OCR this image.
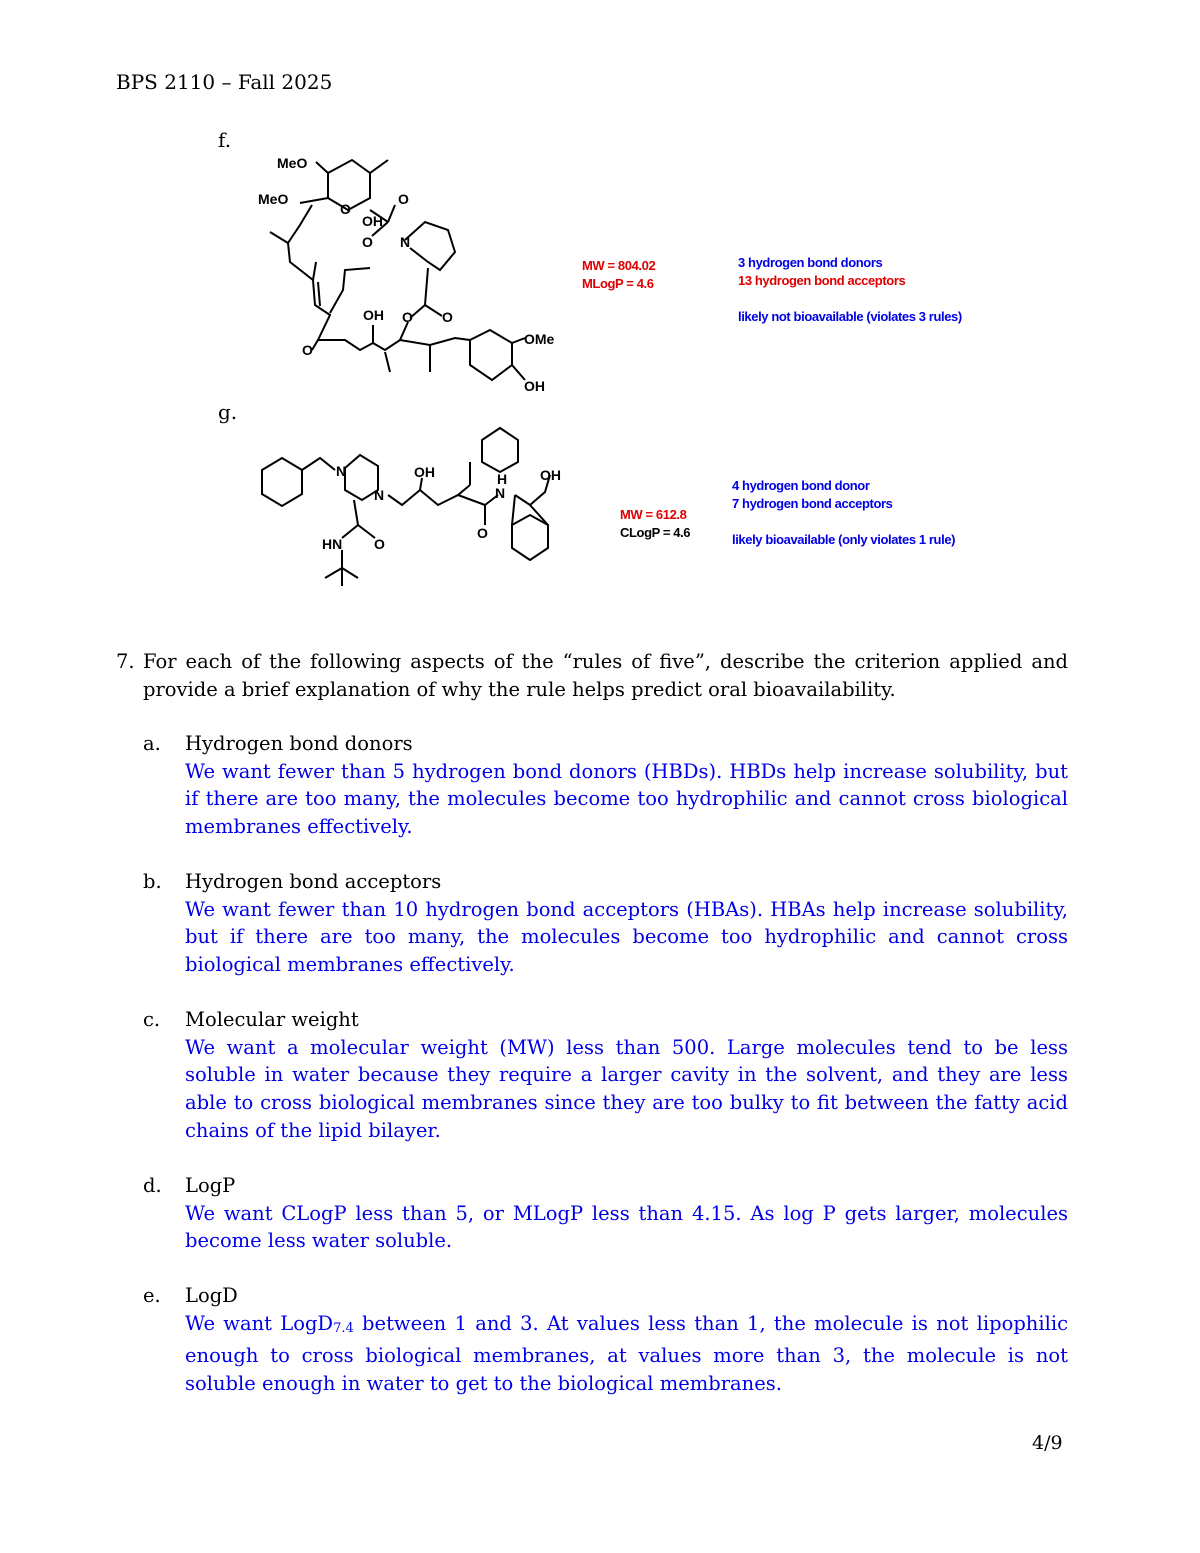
BPS 2110 – Fall 2025
f.
MeO
MeO
O
OH
O
O N
OH O O
O
OMe
OH
N
N
OH
N
H
O
OH
HN O
MW = 804.02
MLogP = 4.6
3 hydrogen bond donors
13 hydrogen bond acceptors
likely not bioavailable (violates 3 rules)
g.
MW = 612.8
CLogP = 4.6
4 hydrogen bond donor
7 hydrogen bond acceptors
likely bioavailable (only violates 1 rule)
7. For each of the following aspects of the “rules of five”, describe the criterion applied and provide a brief explanation of why the rule helps predict oral bioavailability.
a. Hydrogen bond donors
We want fewer than 5 hydrogen bond donors (HBDs). HBDs help increase solubility, but if there are too many, the molecules become too hydrophilic and cannot cross biological membranes effectively.
b. Hydrogen bond acceptors
We want fewer than 10 hydrogen bond acceptors (HBAs). HBAs help increase solubility, but if there are too many, the molecules become too hydrophilic and cannot cross biological membranes effectively.
c. Molecular weight
We want a molecular weight (MW) less than 500. Large molecules tend to be less soluble in water because they require a larger cavity in the solvent, and they are less able to cross biological membranes since they are too bulky to fit between the fatty acid chains of the lipid bilayer.
d. LogP
We want CLogP less than 5, or MLogP less than 4.15. As log P gets larger, molecules become less water soluble.
e. LogD
We want LogD$_{7.4}$ between 1 and 3. At values less than 1, the molecule is not lipophilic enough to cross biological membranes, at values more than 3, the molecule is not soluble enough in water to get to the biological membranes.
4/9
